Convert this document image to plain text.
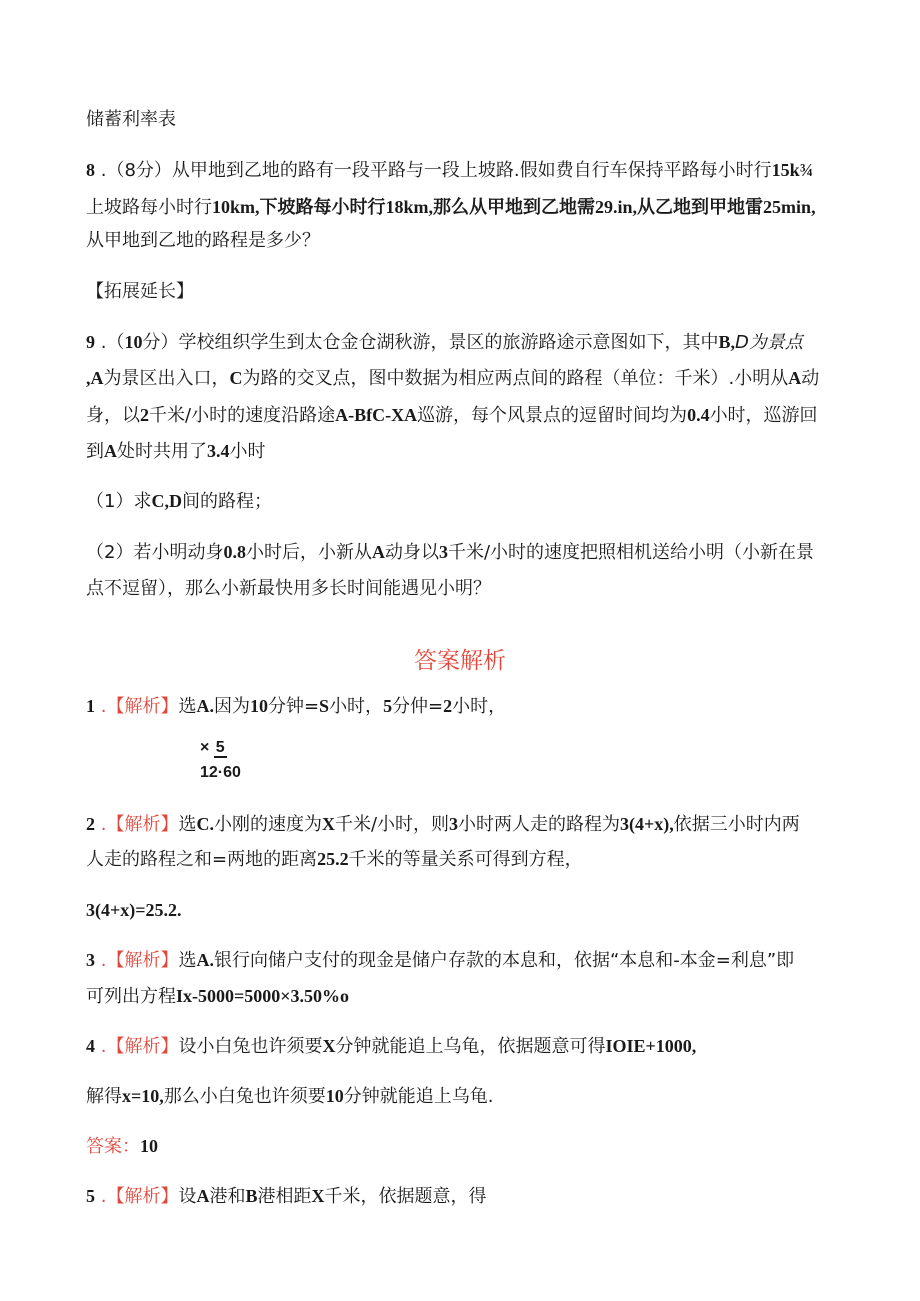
储蓄利率表
8 .（8分）从甲地到乙地的路有一段平路与一段上坡路.假如费自行车保持平路每小时行15k¾
上坡路每小时行10km,下坡路每小时行18km,那么从甲地到乙地需29.in,从乙地到甲地雷25min,
从甲地到乙地的路程是多少？
【拓展延长】
9 .（10分）学校组织学生到太仓金仓湖秋游，景区的旅游路途示意图如下，其中B,D为景点
,A为景区出入口，C为路的交叉点，图中数据为相应两点间的路程（单位：千米）.小明从A动
身，以2千米/小时的速度沿路途A-BfC-XA巡游，每个风景点的逗留时间均为0.4小时，巡游回
到A处时共用了3.4小时
（1）求C,D间的路程；
（2）若小明动身0.8小时后，小新从A动身以3千米/小时的速度把照相机送给小明（小新在景
点不逗留），那么小新最快用多长时间能遇见小明？
答案解析
1 .【解析】选A.因为10分钟=S小时，5分仲=2小时，
× 5
12·60
2 .【解析】选C.小刚的速度为X千米/小时，则3小时两人走的路程为3(4+x),依据三小时内两
人走的路程之和=两地的距离25.2千米的等量关系可得到方程，
3(4+x)=25.2.
3 .【解析】选A.银行向储户支付的现金是储户存款的本息和，依据“本息和-本金=利息”即
可列出方程Ix-5000=5000×3.50%o
4 .【解析】设小白兔也许须要X分钟就能追上乌龟，依据题意可得IOIE+1000,
解得x=10,那么小白兔也许须要10分钟就能追上乌龟.
答案：10
5 .【解析】设A港和B港相距X千米，依据题意，得
